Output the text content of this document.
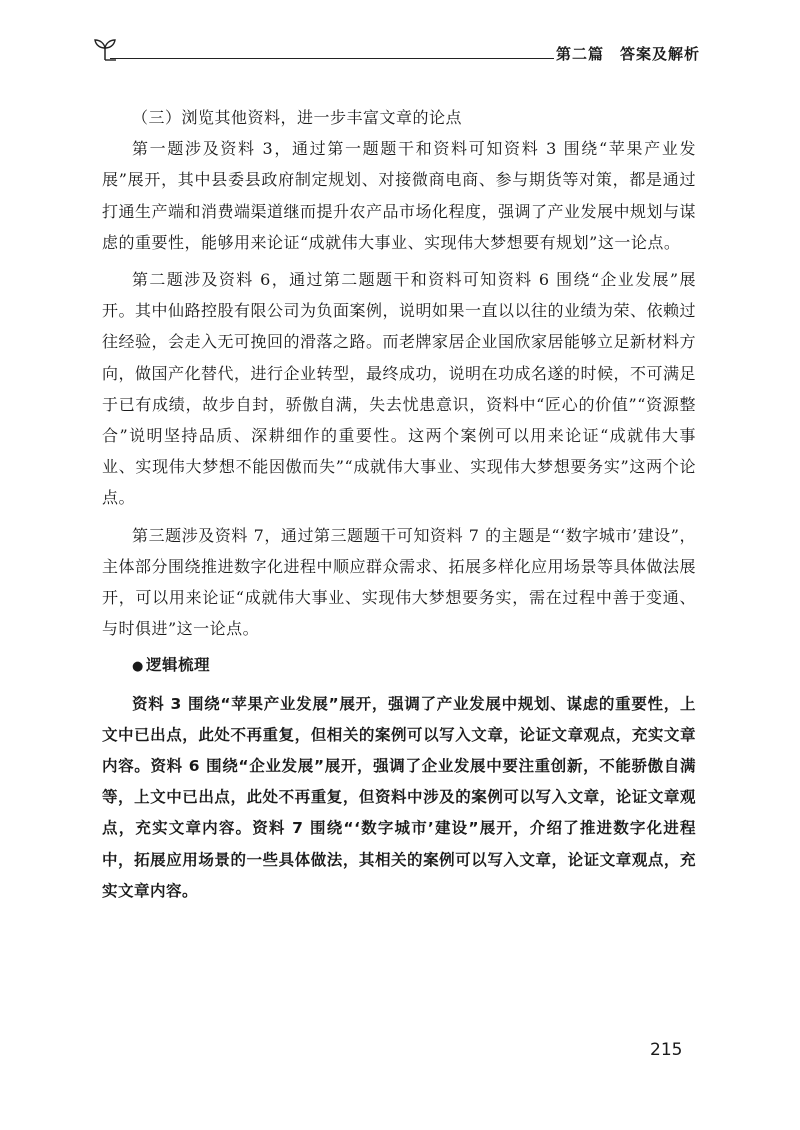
第二篇　答案及解析

（三）浏览其他资料，进一步丰富文章的论点

第一题涉及资料 3，通过第一题题干和资料可知资料 3 围绕“苹果产业发展”展开，其中县委县政府制定规划、对接微商电商、参与期货等对策，都是通过打通生产端和消费端渠道继而提升农产品市场化程度，强调了产业发展中规划与谋虑的重要性，能够用来论证“成就伟大事业、实现伟大梦想要有规划”这一论点。

第二题涉及资料 6，通过第二题题干和资料可知资料 6 围绕“企业发展”展开。其中仙路控股有限公司为负面案例，说明如果一直以以往的业绩为荣、依赖过往经验，会走入无可挽回的滑落之路。而老牌家居企业国欣家居能够立足新材料方向，做国产化替代，进行企业转型，最终成功，说明在功成名遂的时候，不可满足于已有成绩，故步自封，骄傲自满，失去忧患意识，资料中“匠心的价值”“资源整合”说明坚持品质、深耕细作的重要性。这两个案例可以用来论证“成就伟大事业、实现伟大梦想不能因傲而失”“成就伟大事业、实现伟大梦想要务实”这两个论点。

第三题涉及资料 7，通过第三题题干可知资料 7 的主题是“‘数字城市’建设”，主体部分围绕推进数字化进程中顺应群众需求、拓展多样化应用场景等具体做法展开，可以用来论证“成就伟大事业、实现伟大梦想要务实，需在过程中善于变通、与时俱进”这一论点。

● 逻辑梳理

资料 3 围绕“苹果产业发展”展开，强调了产业发展中规划、谋虑的重要性，上文中已出点，此处不再重复，但相关的案例可以写入文章，论证文章观点，充实文章内容。资料 6 围绕“企业发展”展开，强调了企业发展中要注重创新，不能骄傲自满等，上文中已出点，此处不再重复，但资料中涉及的案例可以写入文章，论证文章观点，充实文章内容。资料 7 围绕“‘数字城市’建设”展开，介绍了推进数字化进程中，拓展应用场景的一些具体做法，其相关的案例可以写入文章，论证文章观点，充实文章内容。

215
